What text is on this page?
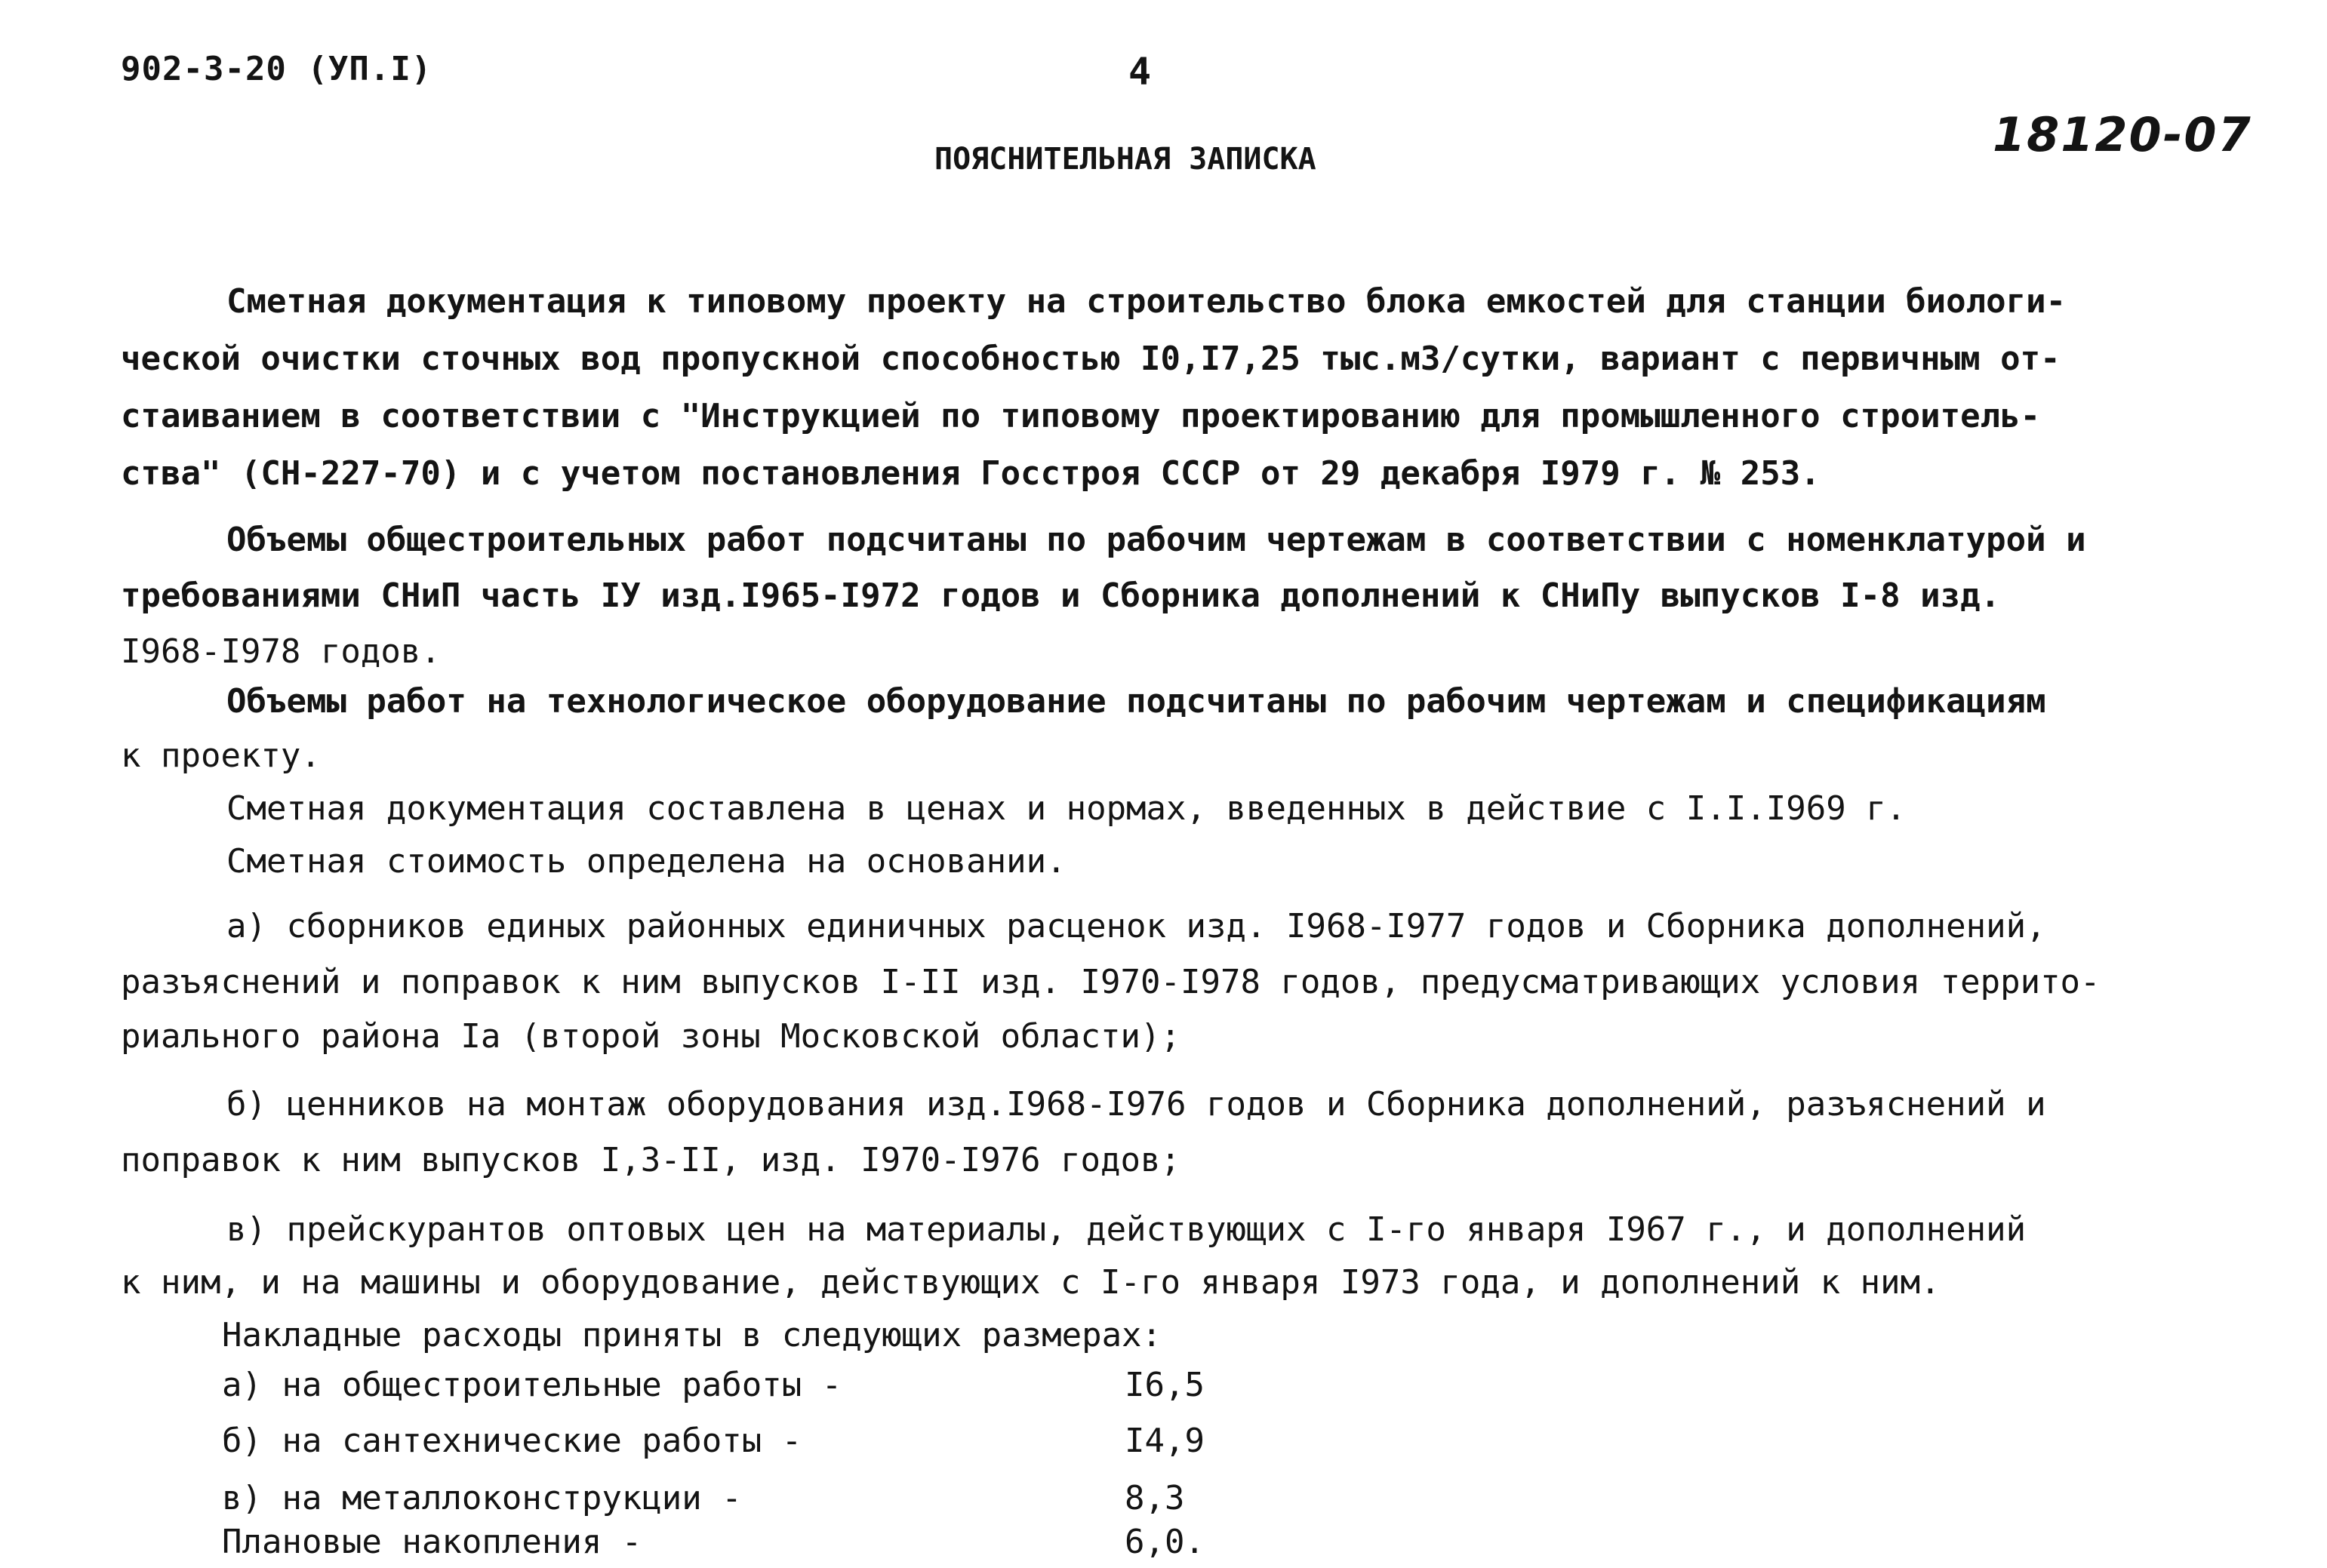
902-3-20 (УП.I)	4
18120-07
ПОЯСНИТЕЛЬНАЯ ЗАПИСКА
Сметная документация к типовому проекту на строительство блока емкостей для станции биологи-
ческой очистки сточных вод пропускной способностью I0,I7,25 тыс.м3/сутки, вариант с первичным от-
стаиванием в соответствии с "Инструкцией по типовому проектированию для промышленного строитель-
ства" (СН-227-70) и с учетом постановления Госстроя СССР от 29 декабря I979 г. № 253.
Объемы общестроительных работ подсчитаны по рабочим чертежам в соответствии с номенклатурой и
требованиями СНиП часть IУ изд.I965-I972 годов и Сборника дополнений к СНиПу выпусков I-8 изд.
I968-I978 годов.
Объемы работ на технологическое оборудование подсчитаны по рабочим чертежам и спецификациям
к проекту.
Сметная документация составлена в ценах и нормах, введенных в действие с I.I.I969 г.
Сметная стоимость определена на основании.
а) сборников единых районных единичных расценок изд. I968-I977 годов и Сборника дополнений,
разъяснений и поправок к ним выпусков I-II изд. I970-I978 годов, предусматривающих условия террито-
риального района Iа (второй зоны Московской области);
б) ценников на монтаж оборудования изд.I968-I976 годов и Сборника дополнений, разъяснений и
поправок к ним выпусков I,3-II, изд. I970-I976 годов;
в) прейскурантов оптовых цен на материалы, действующих с I-го января I967 г., и дополнений
к ним, и на машины и оборудование, действующих с I-го января I973 года, и дополнений к ним.
Накладные расходы приняты в следующих размерах:
а) на общестроительные работы -	I6,5
б) на сантехнические работы -	I4,9
в) на металлоконструкции -	8,3
Плановые накопления -	6,0.
